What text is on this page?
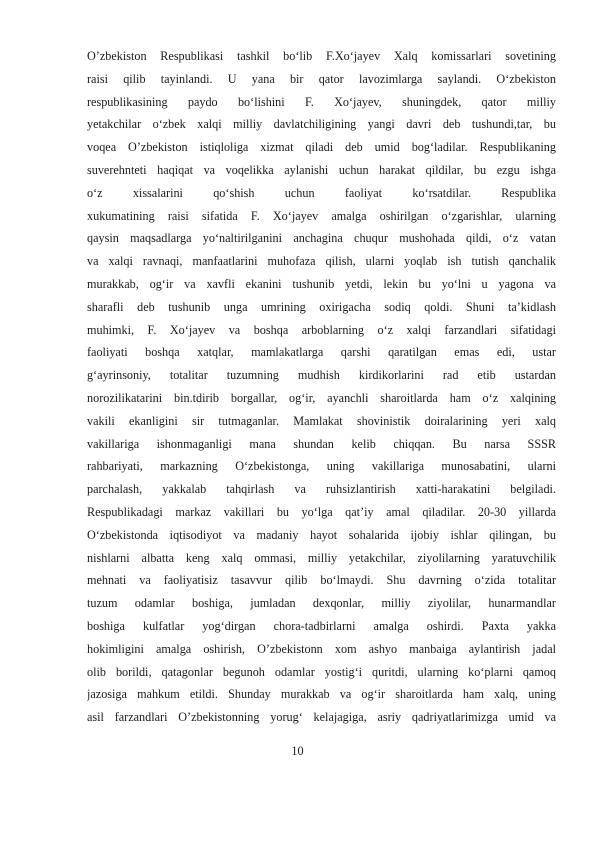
O’zbekiston Respublikasi tashkil bo‘lib F.Xo‘jayev Xalq komissarlari sovetining
raisi qilib tayinlandi. U yana bir qator lavozimlarga saylandi. O‘zbekiston
respublikasining paydo bo‘lishini F. Xo‘jayev, shuningdek, qator milliy
yetakchilar o‘zbek xalqi milliy davlatchiligining yangi davri deb tushundi,tar, bu
voqea O’zbekiston istiqloliga xizmat qiladi deb umid bog‘ladilar. Respublikaning
suverehnteti haqiqat va voqelikka aylanishi uchun harakat qildilar, bu ezgu ishga
o‘z xissalarini qo‘shish uchun faoliyat ko‘rsatdilar. Respublika
xukumatining raisi sifatida F. Xo‘jayev amalga oshirilgan o‘zgarishlar, ularning
qaysin maqsadlarga yo‘naltirilganini anchagina chuqur mushohada qildi, o‘z vatan
va xalqi ravnaqi, manfaatlarini muhofaza qilish, ularni yoqlab ish tutish qanchalik
murakkab, og‘ir va xavfli ekanini tushunib yetdi, lekin bu yo‘lni u yagona va
sharafli deb tushunib unga umrining oxirigacha sodiq qoldi. Shuni ta’kidlash
muhimki, F. Xo‘jayev va boshqa arboblarning o‘z xalqi farzandlari sifatidagi
faoliyati boshqa xatqlar, mamlakatlarga qarshi qaratilgan emas edi, ustar
g‘ayrinsoniy, totalitar tuzumning mudhish kirdikorlarini rad etib ustardan
norozilikatarini bin.tdirib borgallar, og‘ir, ayanchli sharoitlarda ham o‘z xalqining
vakili ekanligini sir tutmaganlar. Mamlakat shovinistik doiralarining yeri xalq
vakillariga ishonmaganligi mana shundan kelib chiqqan. Bu narsa SSSR
rahbariyati, markazning O‘zbekistonga, uning vakillariga munosabatini, ularni
parchalash, yakkalab tahqirlash va ruhsizlantirish xatti-harakatini belgiladi.
Respublikadagi markaz vakillari bu yo‘lga qat’iy amal qiladilar. 20-30 yillarda
O‘zbekistonda iqtisodiyot va madaniy hayot sohalarida ijobiy ishlar qilingan, bu
nishlarni albatta keng xalq ommasi, milliy yetakchilar, ziyolilarning yaratuvchilik
mehnati va faoliyatisiz tasavvur qilib bo‘lmaydi. Shu davrning o‘zida totalitar
tuzum odamlar boshiga, jumladan dexqonlar, milliy ziyolilar, hunarmandlar
boshiga kulfatlar yog‘dirgan chora-tadbirlarni amalga oshirdi. Paxta yakka
hokimligini amalga oshirish, O’zbekistonn xom ashyo manbaiga aylantirish jadal
olib borildi, qatagonlar begunoh odamlar yostig‘i quritdi, ularning ko‘plarni qamoq
jazosiga mahkum etildi. Shunday murakkab va og‘ir sharoitlarda ham xalq, uning
asil farzandlari O’zbekistonning yorug‘ kelajagiga, asriy qadriyatlarimizga umid va
10
